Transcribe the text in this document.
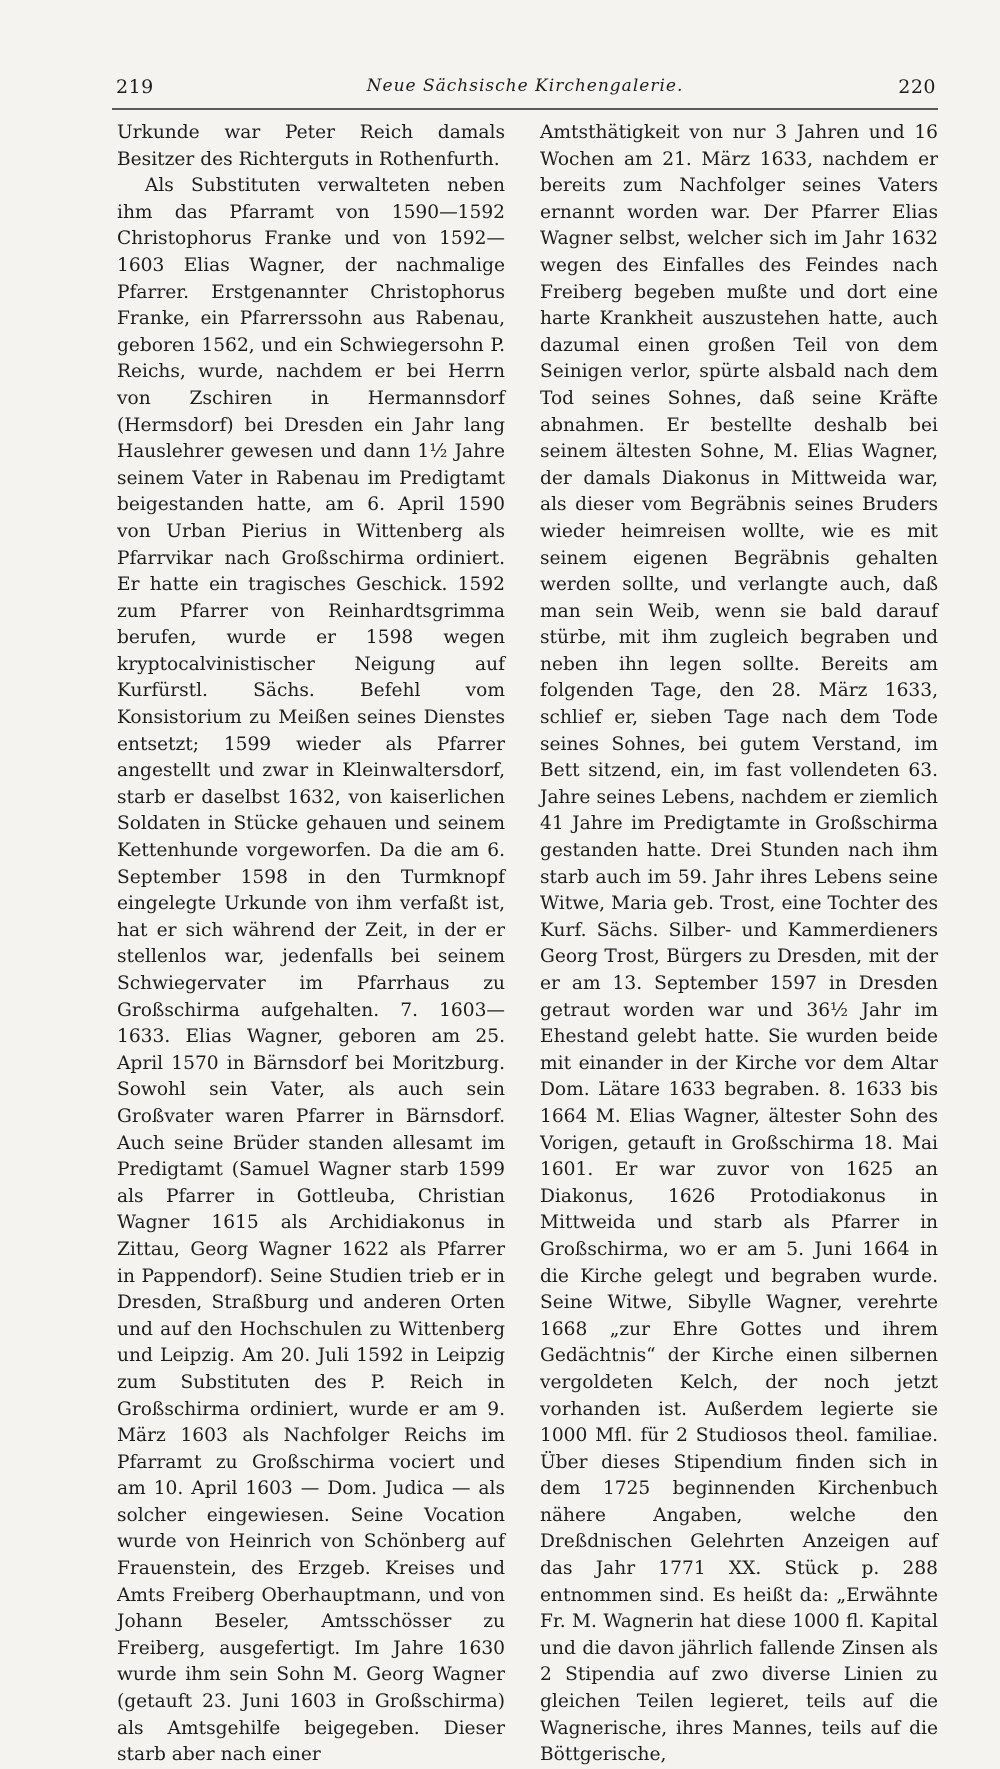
219	Neue Sächsische Kirchengalerie.	220

Urkunde war Peter Reich damals Besitzer des Richterguts in Rothenfurth.

Als Substituten verwalteten neben ihm das Pfarramt von 1590—1592 Christophorus Franke und von 1592—1603 Elias Wagner, der nachmalige Pfarrer. Erstgenannter Christophorus Franke, ein Pfarrerssohn aus Rabenau, geboren 1562, und ein Schwiegersohn P. Reichs, wurde, nachdem er bei Herrn von Zschiren in Hermannsdorf (Hermsdorf) bei Dresden ein Jahr lang Hauslehrer gewesen und dann 1½ Jahre seinem Vater in Rabenau im Predigtamt beigestanden hatte, am 6. April 1590 von Urban Pierius in Wittenberg als Pfarrvikar nach Großschirma ordiniert. Er hatte ein tragisches Geschick. 1592 zum Pfarrer von Reinhardtsgrimma berufen, wurde er 1598 wegen kryptocalvinistischer Neigung auf Kurfürstl. Sächs. Befehl vom Konsistorium zu Meißen seines Dienstes entsetzt; 1599 wieder als Pfarrer angestellt und zwar in Kleinwaltersdorf, starb er daselbst 1632, von kaiserlichen Soldaten in Stücke gehauen und seinem Kettenhunde vorgeworfen. Da die am 6. September 1598 in den Turmknopf eingelegte Urkunde von ihm verfaßt ist, hat er sich während der Zeit, in der er stellenlos war, jedenfalls bei seinem Schwiegervater im Pfarrhaus zu Großschirma aufgehalten. 7. 1603—1633. Elias Wagner, geboren am 25. April 1570 in Bärnsdorf bei Moritzburg. Sowohl sein Vater, als auch sein Großvater waren Pfarrer in Bärnsdorf. Auch seine Brüder standen allesamt im Predigtamt (Samuel Wagner starb 1599 als Pfarrer in Gottleuba, Christian Wagner 1615 als Archidiakonus in Zittau, Georg Wagner 1622 als Pfarrer in Pappendorf). Seine Studien trieb er in Dresden, Straßburg und anderen Orten und auf den Hochschulen zu Wittenberg und Leipzig. Am 20. Juli 1592 in Leipzig zum Substituten des P. Reich in Großschirma ordiniert, wurde er am 9. März 1603 als Nachfolger Reichs im Pfarramt zu Großschirma vociert und am 10. April 1603 — Dom. Judica — als solcher eingewiesen. Seine Vocation wurde von Heinrich von Schönberg auf Frauenstein, des Erzgeb. Kreises und Amts Freiberg Oberhauptmann, und von Johann Beseler, Amtsschösser zu Freiberg, ausgefertigt. Im Jahre 1630 wurde ihm sein Sohn M. Georg Wagner (getauft 23. Juni 1603 in Großschirma) als Amtsgehilfe beigegeben. Dieser starb aber nach einer

Amtsthätigkeit von nur 3 Jahren und 16 Wochen am 21. März 1633, nachdem er bereits zum Nachfolger seines Vaters ernannt worden war. Der Pfarrer Elias Wagner selbst, welcher sich im Jahr 1632 wegen des Einfalles des Feindes nach Freiberg begeben mußte und dort eine harte Krankheit auszustehen hatte, auch dazumal einen großen Teil von dem Seinigen verlor, spürte alsbald nach dem Tod seines Sohnes, daß seine Kräfte abnahmen. Er bestellte deshalb bei seinem ältesten Sohne, M. Elias Wagner, der damals Diakonus in Mittweida war, als dieser vom Begräbnis seines Bruders wieder heimreisen wollte, wie es mit seinem eigenen Begräbnis gehalten werden sollte, und verlangte auch, daß man sein Weib, wenn sie bald darauf stürbe, mit ihm zugleich begraben und neben ihn legen sollte. Bereits am folgenden Tage, den 28. März 1633, schlief er, sieben Tage nach dem Tode seines Sohnes, bei gutem Verstand, im Bett sitzend, ein, im fast vollendeten 63. Jahre seines Lebens, nachdem er ziemlich 41 Jahre im Predigtamte in Großschirma gestanden hatte. Drei Stunden nach ihm starb auch im 59. Jahr ihres Lebens seine Witwe, Maria geb. Trost, eine Tochter des Kurf. Sächs. Silber- und Kammerdieners Georg Trost, Bürgers zu Dresden, mit der er am 13. September 1597 in Dresden getraut worden war und 36½ Jahr im Ehestand gelebt hatte. Sie wurden beide mit einander in der Kirche vor dem Altar Dom. Lätare 1633 begraben. 8. 1633 bis 1664 M. Elias Wagner, ältester Sohn des Vorigen, getauft in Großschirma 18. Mai 1601. Er war zuvor von 1625 an Diakonus, 1626 Protodiakonus in Mittweida und starb als Pfarrer in Großschirma, wo er am 5. Juni 1664 in die Kirche gelegt und begraben wurde. Seine Witwe, Sibylle Wagner, verehrte 1668 „zur Ehre Gottes und ihrem Gedächtnis“ der Kirche einen silbernen vergoldeten Kelch, der noch jetzt vorhanden ist. Außerdem legierte sie 1000 Mfl. für 2 Studiosos theol. familiae. Über dieses Stipendium finden sich in dem 1725 beginnenden Kirchenbuch nähere Angaben, welche den Dreßdnischen Gelehrten Anzeigen auf das Jahr 1771 XX. Stück p. 288 entnommen sind. Es heißt da: „Erwähnte Fr. M. Wagnerin hat diese 1000 fl. Kapital und die davon jährlich fallende Zinsen als 2 Stipendia auf zwo diverse Linien zu gleichen Teilen legieret, teils auf die Wagnerische, ihres Mannes, teils auf die Böttgerische,
